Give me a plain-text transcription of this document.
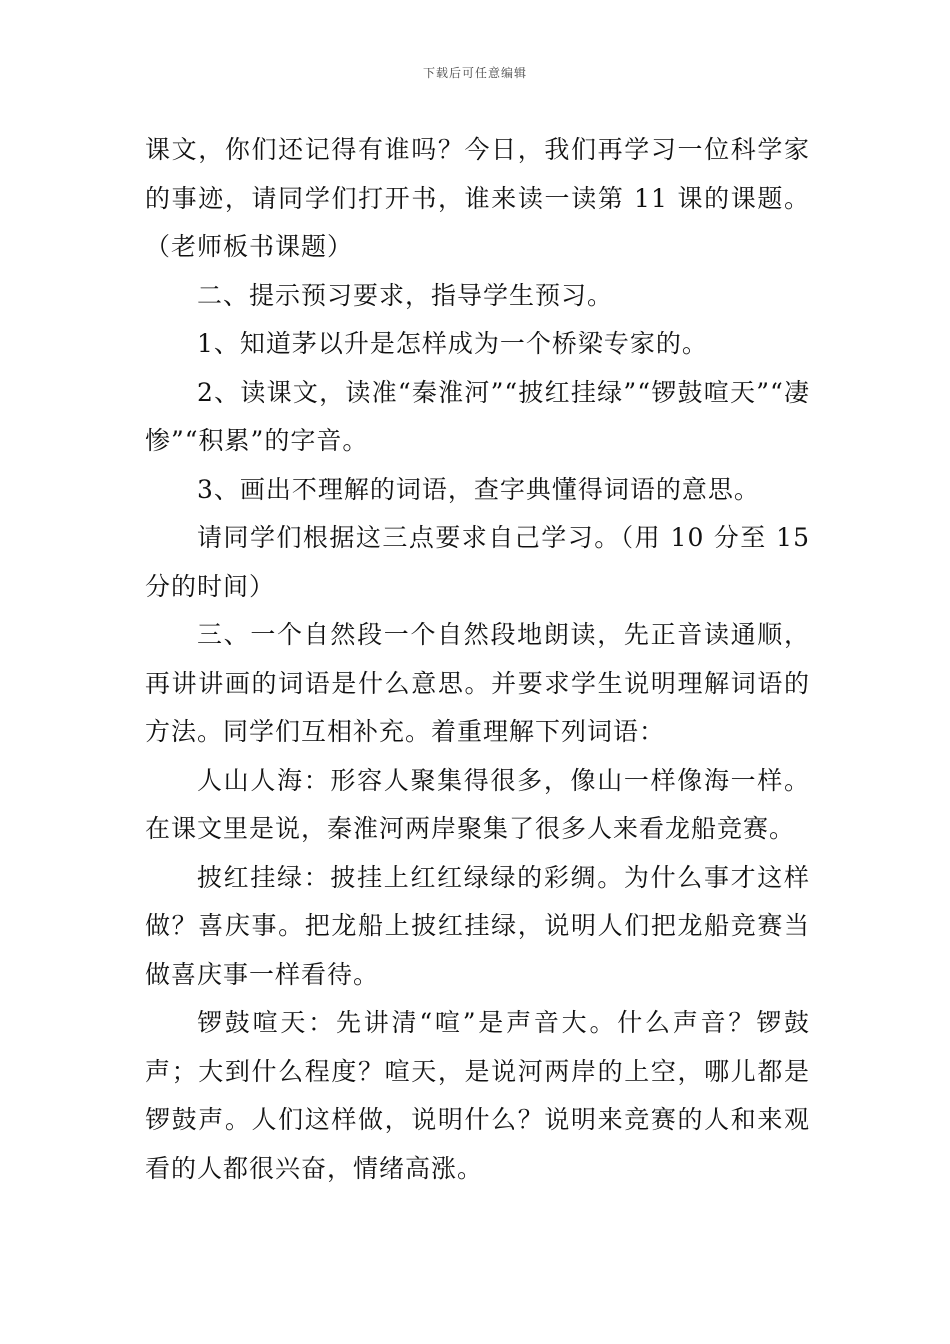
下载后可任意编辑

课文，你们还记得有谁吗？今日，我们再学习一位科学家的事迹，请同学们打开书，谁来读一读第 11 课的课题。（老师板书课题）

二、提示预习要求，指导学生预习。

1、知道茅以升是怎样成为一个桥梁专家的。

2、读课文，读准“秦淮河”“披红挂绿”“锣鼓喧天”“凄惨”“积累”的字音。

3、画出不理解的词语，查字典懂得词语的意思。

请同学们根据这三点要求自己学习。（用 10 分至 15 分的时间）

三、一个自然段一个自然段地朗读，先正音读通顺，再讲讲画的词语是什么意思。并要求学生说明理解词语的方法。同学们互相补充。着重理解下列词语：

人山人海：形容人聚集得很多，像山一样像海一样。在课文里是说，秦淮河两岸聚集了很多人来看龙船竞赛。

披红挂绿：披挂上红红绿绿的彩绸。为什么事才这样做？喜庆事。把龙船上披红挂绿，说明人们把龙船竞赛当做喜庆事一样看待。

锣鼓喧天：先讲清“喧”是声音大。什么声音？锣鼓声；大到什么程度？喧天，是说河两岸的上空，哪儿都是锣鼓声。人们这样做，说明什么？说明来竞赛的人和来观看的人都很兴奋，情绪高涨。
